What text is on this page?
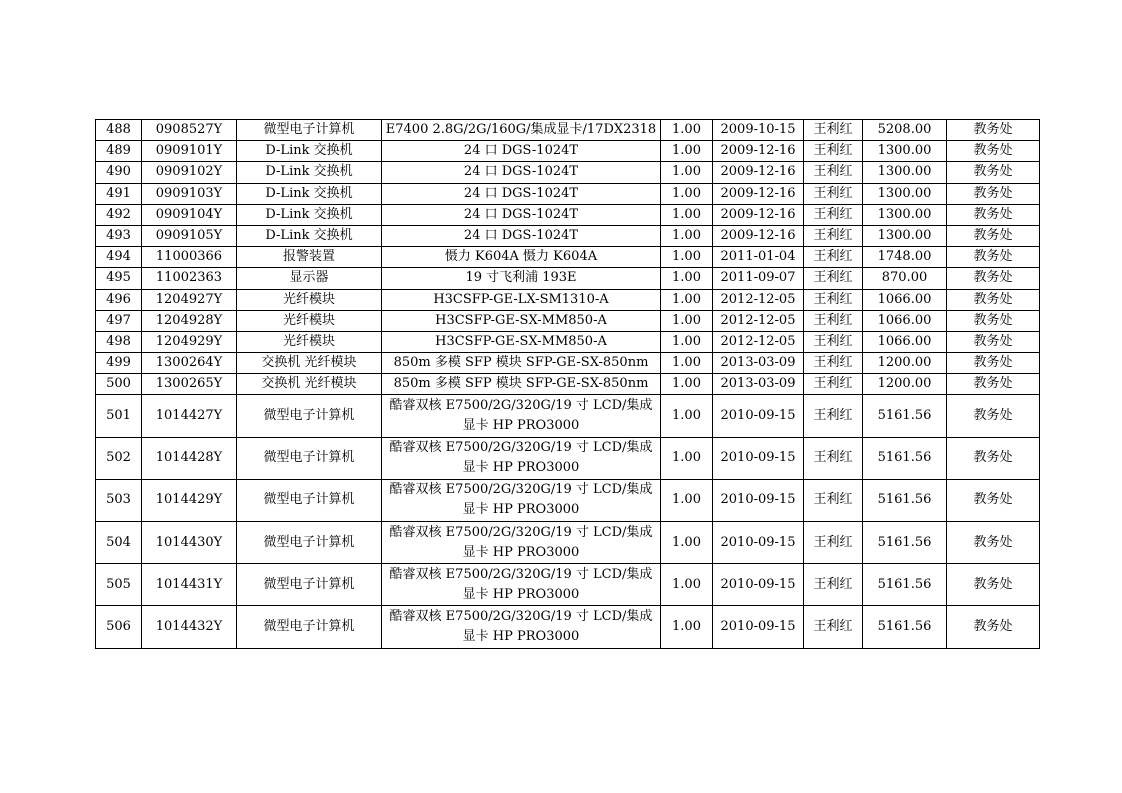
488	0908527Y	微型电子计算机	E7400 2.8G/2G/160G/集成显卡/17DX2318	1.00	2009-10-15	王利红	5208.00	教务处
489	0909101Y	D-Link 交换机	24 口 DGS-1024T	1.00	2009-12-16	王利红	1300.00	教务处
490	0909102Y	D-Link 交换机	24 口 DGS-1024T	1.00	2009-12-16	王利红	1300.00	教务处
491	0909103Y	D-Link 交换机	24 口 DGS-1024T	1.00	2009-12-16	王利红	1300.00	教务处
492	0909104Y	D-Link 交换机	24 口 DGS-1024T	1.00	2009-12-16	王利红	1300.00	教务处
493	0909105Y	D-Link 交换机	24 口 DGS-1024T	1.00	2009-12-16	王利红	1300.00	教务处
494	11000366	报警装置	慑力 K604A 慑力 K604A	1.00	2011-01-04	王利红	1748.00	教务处
495	11002363	显示器	19 寸飞利浦 193E	1.00	2011-09-07	王利红	870.00	教务处
496	1204927Y	光纤模块	H3CSFP-GE-LX-SM1310-A	1.00	2012-12-05	王利红	1066.00	教务处
497	1204928Y	光纤模块	H3CSFP-GE-SX-MM850-A	1.00	2012-12-05	王利红	1066.00	教务处
498	1204929Y	光纤模块	H3CSFP-GE-SX-MM850-A	1.00	2012-12-05	王利红	1066.00	教务处
499	1300264Y	交换机 光纤模块	850m 多模 SFP 模块 SFP-GE-SX-850nm	1.00	2013-03-09	王利红	1200.00	教务处
500	1300265Y	交换机 光纤模块	850m 多模 SFP 模块 SFP-GE-SX-850nm	1.00	2013-03-09	王利红	1200.00	教务处
501	1014427Y	微型电子计算机	酷睿双核 E7500/2G/320G/19 寸 LCD/集成显卡 HP PRO3000	1.00	2010-09-15	王利红	5161.56	教务处
502	1014428Y	微型电子计算机	酷睿双核 E7500/2G/320G/19 寸 LCD/集成显卡 HP PRO3000	1.00	2010-09-15	王利红	5161.56	教务处
503	1014429Y	微型电子计算机	酷睿双核 E7500/2G/320G/19 寸 LCD/集成显卡 HP PRO3000	1.00	2010-09-15	王利红	5161.56	教务处
504	1014430Y	微型电子计算机	酷睿双核 E7500/2G/320G/19 寸 LCD/集成显卡 HP PRO3000	1.00	2010-09-15	王利红	5161.56	教务处
505	1014431Y	微型电子计算机	酷睿双核 E7500/2G/320G/19 寸 LCD/集成显卡 HP PRO3000	1.00	2010-09-15	王利红	5161.56	教务处
506	1014432Y	微型电子计算机	酷睿双核 E7500/2G/320G/19 寸 LCD/集成显卡 HP PRO3000	1.00	2010-09-15	王利红	5161.56	教务处
